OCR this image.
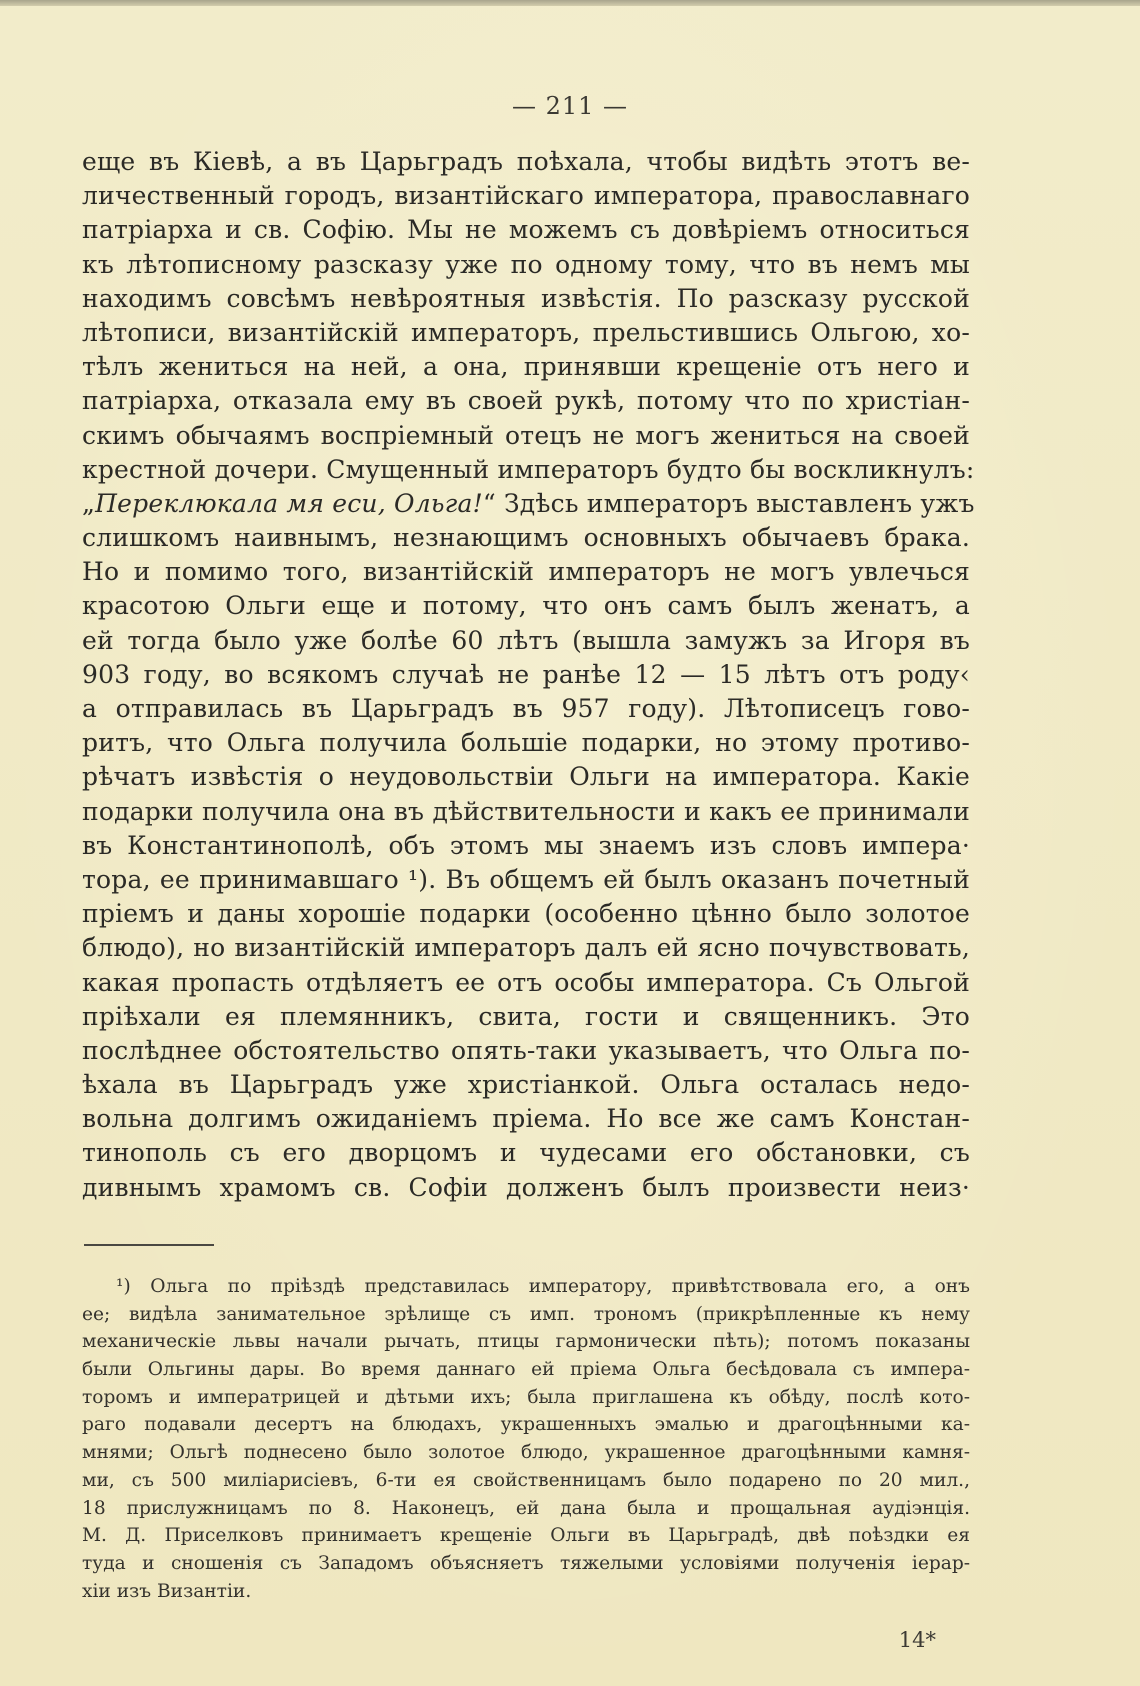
— 211 —
еще въ Кіевѣ, а въ Царьградъ поѣхала, чтобы видѣть этотъ ве-
личественный городъ, византійскаго императора, православнаго
патріарха и св. Софію. Мы не можемъ съ довѣріемъ относиться
къ лѣтописному разсказу уже по одному тому, что въ немъ мы
находимъ совсѣмъ невѣроятныя извѣстія. По разсказу русской
лѣтописи, византійскій императоръ, прельстившись Ольгою, хо-
тѣлъ жениться на ней, а она, принявши крещеніе отъ него и
патріарха, отказала ему въ своей рукѣ, потому что по христіан-
скимъ обычаямъ воспріемный отецъ не могъ жениться на своей
крестной дочери. Смущенный императоръ будто бы воскликнулъ:
„Переклюкала мя еси, Ольга!“ Здѣсь императоръ выставленъ ужъ
слишкомъ наивнымъ, незнающимъ основныхъ обычаевъ брака.
Но и помимо того, византійскій императоръ не могъ увлечься
красотою Ольги еще и потому, что онъ самъ былъ женатъ, а
ей тогда было уже болѣе 60 лѣтъ (вышла замужъ за Игоря въ
903 году, во всякомъ случаѣ не ранѣе 12 — 15 лѣтъ отъ роду‹
а отправилась въ Царьградъ въ 957 году). Лѣтописецъ гово-
ритъ, что Ольга получила большіе подарки, но этому противо-
рѣчатъ извѣстія о неудовольствіи Ольги на императора. Какіе
подарки получила она въ дѣйствительности и какъ ее принимали
въ Константинополѣ, объ этомъ мы знаемъ изъ словъ импера·
тора, ее принимавшаго ¹). Въ общемъ ей былъ оказанъ почетный
пріемъ и даны хорошіе подарки (особенно цѣнно было золотое
блюдо), но византійскій императоръ далъ ей ясно почувствовать,
какая пропасть отдѣляетъ ее отъ особы императора. Съ Ольгой
пріѣхали ея племянникъ, свита, гости и священникъ. Это
послѣднее обстоятельство опять-таки указываетъ, что Ольга по-
ѣхала въ Царьградъ уже христіанкой. Ольга осталась недо-
вольна долгимъ ожиданіемъ пріема. Но все же самъ Констан-
тинополь съ его дворцомъ и чудесами его обстановки, съ
дивнымъ храмомъ св. Софіи долженъ былъ произвести неиз·
¹) Ольга по пріѣздѣ представилась императору, привѣтствовала его, а онъ
ее; видѣла занимательное зрѣлище съ имп. трономъ (прикрѣпленные къ нему
механическіе львы начали рычать, птицы гармонически пѣть); потомъ показаны
были Ольгины дары. Во время даннаго ей пріема Ольга бесѣдовала съ импера-
торомъ и императрицей и дѣтьми ихъ; была приглашена къ обѣду, послѣ кото-
раго подавали десертъ на блюдахъ, украшенныхъ эмалью и драгоцѣнными ка-
мнями; Ольгѣ поднесено было золотое блюдо, украшенное драгоцѣнными камня-
ми, съ 500 миліарисіевъ, 6-ти ея свойственницамъ было подарено по 20 мил.,
18 прислужницамъ по 8. Наконецъ, ей дана была и прощальная аудіэнція.
М. Д. Приселковъ принимаетъ крещеніе Ольги въ Царьградѣ, двѣ поѣздки ея
туда и сношенія съ Западомъ объясняетъ тяжелыми условіями полученія іерар-
хіи изъ Византіи.
14*
